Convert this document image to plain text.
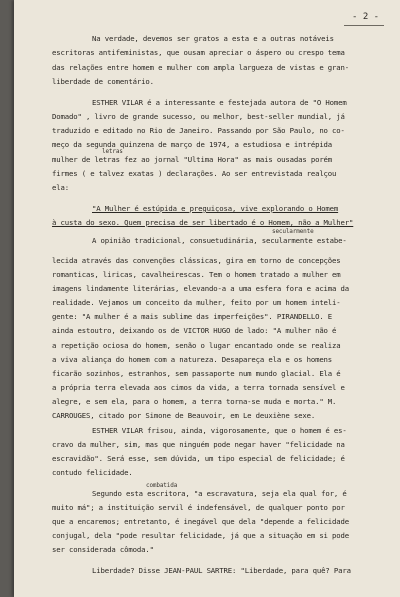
- 2 -
Na verdade, devemos ser gratos a esta e a outras notáveis
escritoras antifeministas, que ousam apreciar o áspero ou crespo tema
das relações entre homem e mulher com ampla largueza de vistas e gran-
liberdade de comentário.
ESTHER VILAR é a interessante e festejada autora de "O Homem
Domado" , livro de grande sucesso, ou melhor, best-seller mundial, já
traduzido e editado no Rio de Janeiro. Passando por São Paulo, no co-
meço da segunda quinzena de março de 1974, a estudiosa e intrépida
letras
mulher de letras fez ao jornal "Ultima Hora" as mais ousadas porém
firmes ( e talvez exatas ) declarações. Ao ser entrevistada realçou
ela:
"A Mulher é estúpida e preguiçosa, vive explorando o Homem
à custa do sexo. Quem precisa de ser libertado é o Homem, não a Mulher"
secularmente
A opinião tradicional, consuetudinária, secularmente estabe-
lecida através das convenções clássicas, gira em torno de concepções
romanticas, liricas, cavalheirescas. Tem o homem tratado a mulher em
imagens lindamente literárias, elevando-a a uma esfera fora e acima da
realidade. Vejamos um conceito da mulher, feito por um homem inteli-
gente: "A mulher é a mais sublime das imperfeições". PIRANDELLO. E
ainda estoutro, deixando os de VICTOR HUGO de lado: "A mulher não é
a repetição ociosa do homem, senão o lugar encantado onde se realiza
a viva aliança do homem com a natureza. Desapareça ela e os homens
ficarão sozinhos, estranhos, sem passaporte num mundo glacial. Ela é
a própria terra elevada aos cimos da vida, a terra tornada sensível e
alegre, e sem ela, para o homem, a terra torna-se muda e morta." M.
CARROUGES, citado por Simone de Beauvoir, em Le deuxiène sexe.
ESTHER VILAR frisou, ainda, vigorosamente, que o homem é es-
cravo da mulher, sim, mas que ninguém pode negar haver "felicidade na
escravidão". Será esse, sem dúvida, um tipo especial de felicidade; é
contudo felicidade.
combatida
Segundo esta escritora, "a escravatura, seja ela qual for, é
muito má"; a instituição servil é indefensável, de qualquer ponto por
que a encaremos; entretanto, é inegável que dela "depende a felicidade
conjugal, dela "pode resultar felicidade, já que a situação em si pode
ser considerada cômoda."
Liberdade? Disse JEAN-PAUL SARTRE: "Liberdade, para quê? Para
